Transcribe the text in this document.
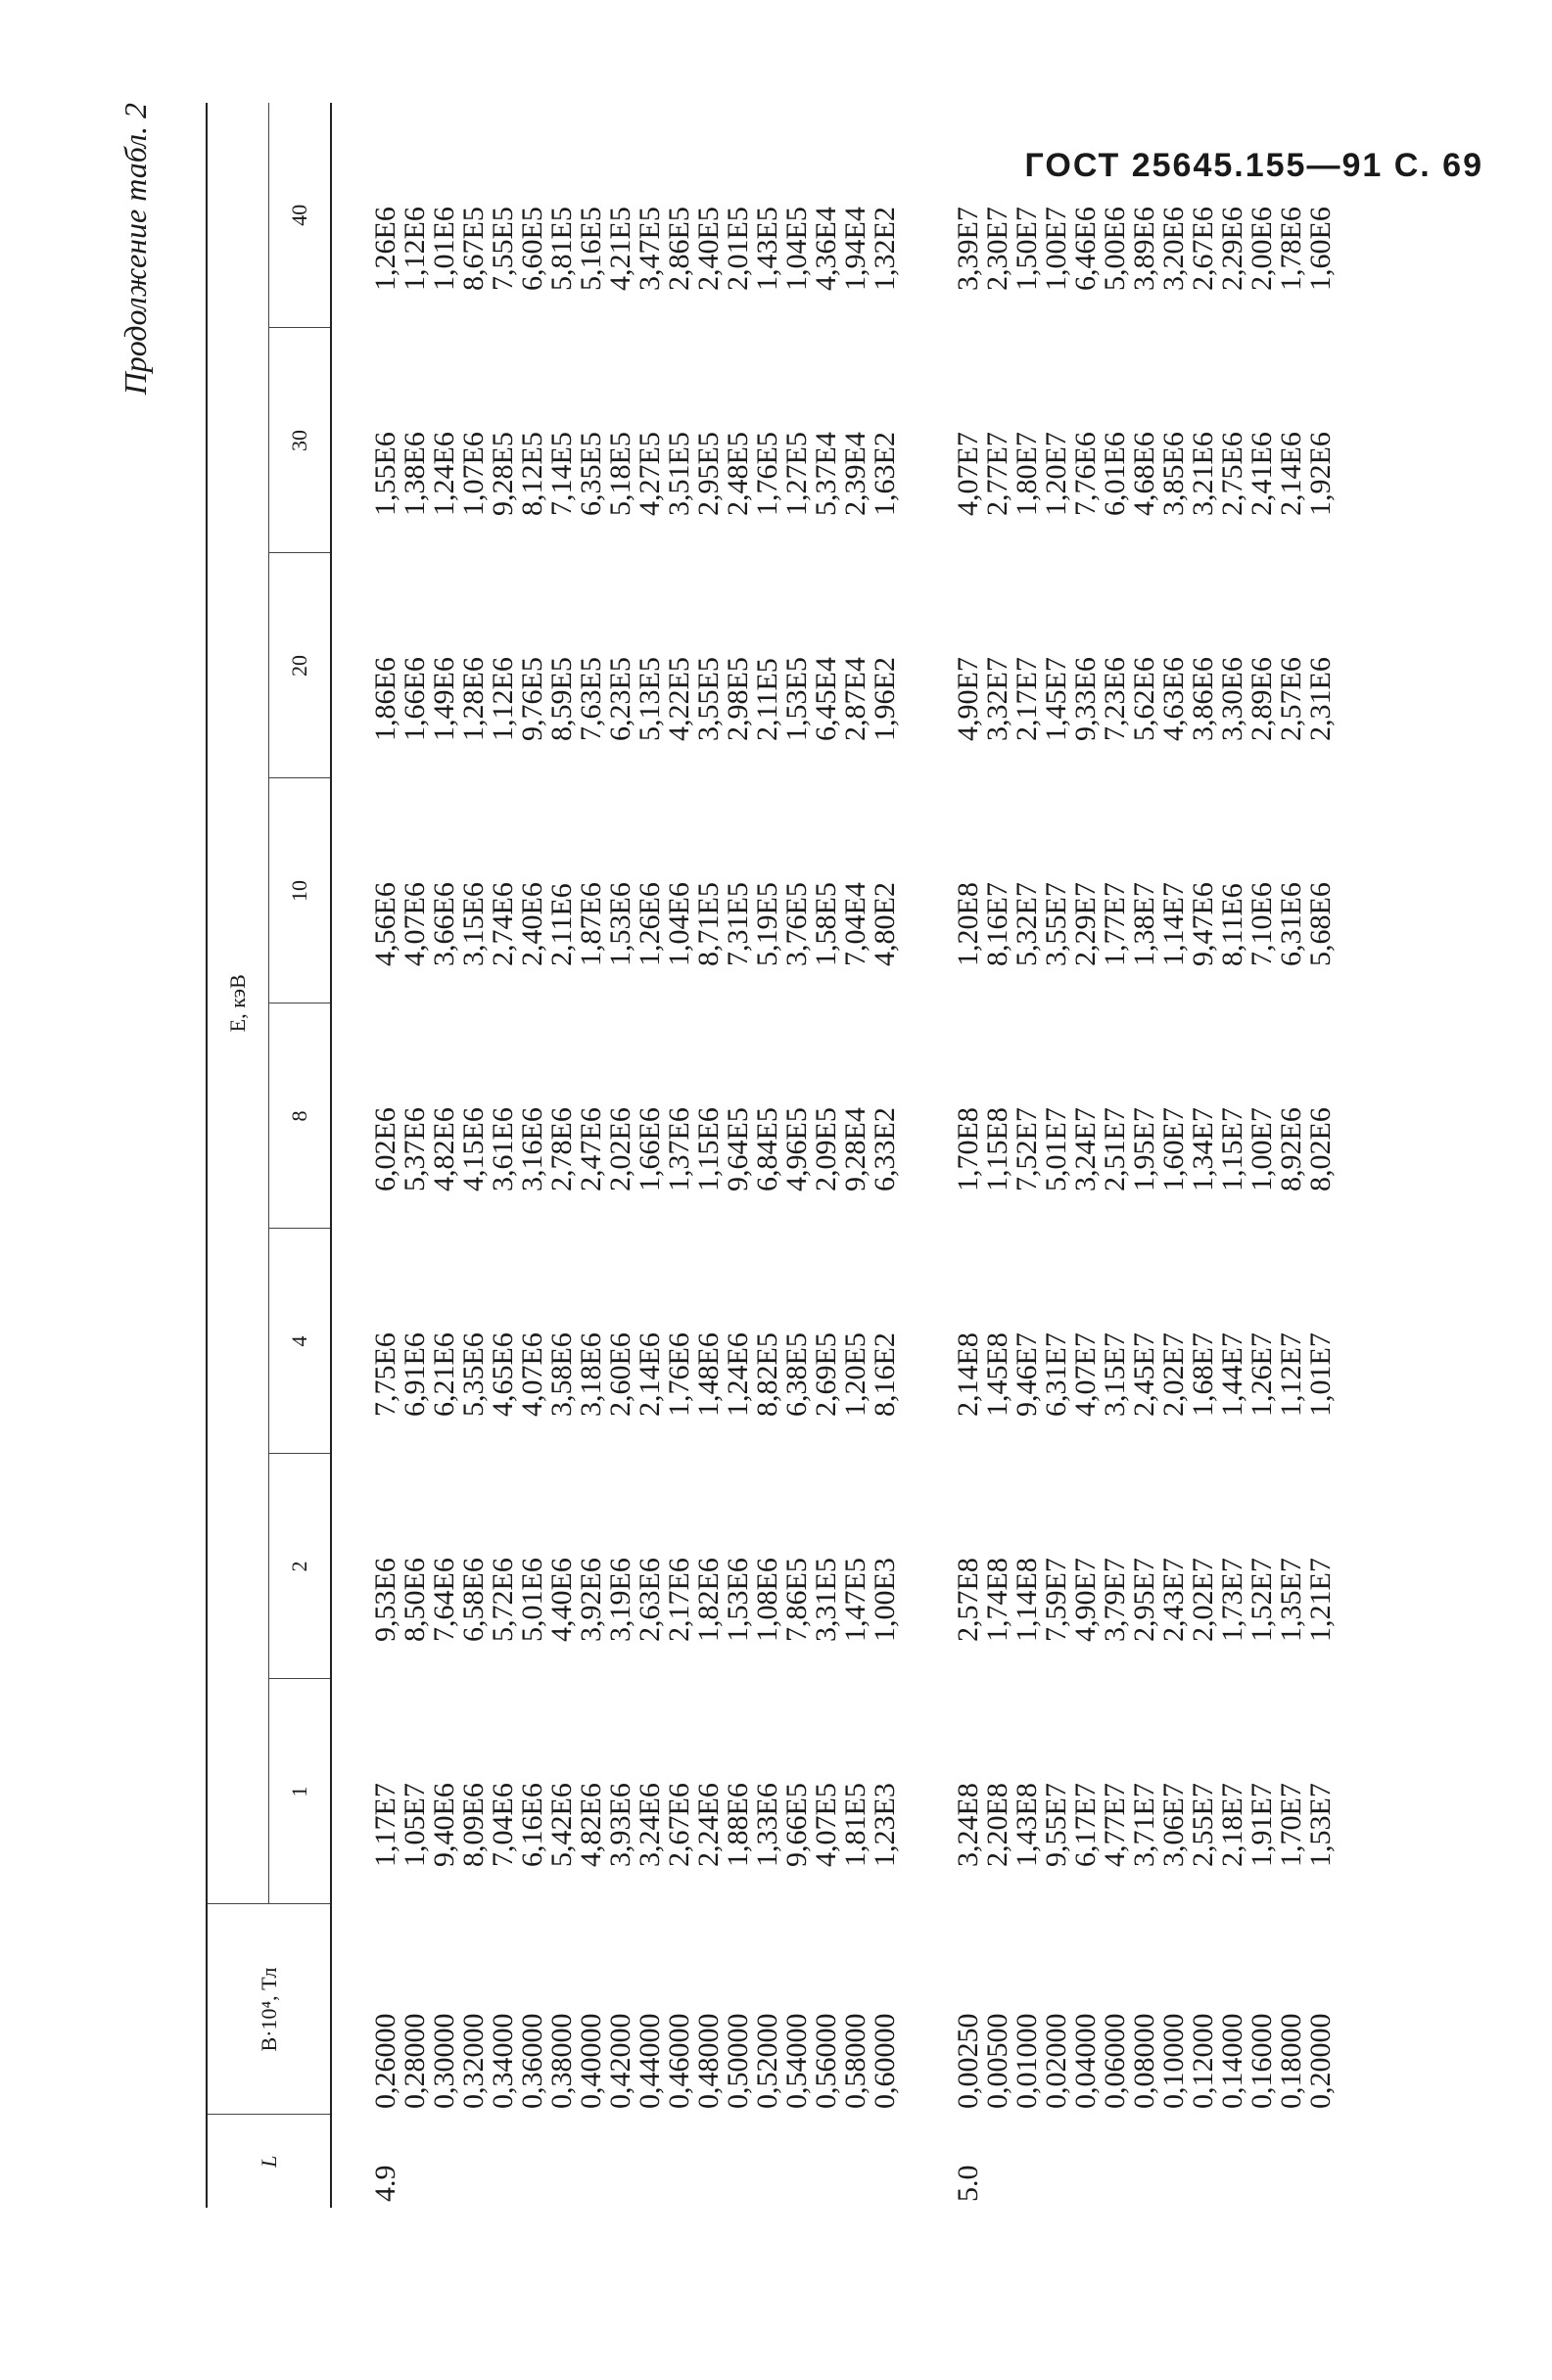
ГОСТ 25645.155—91 С. 69
Продолжение табл. 2
L	B·10⁴, Тл	E, кэВ							
		1	2	4	8	10	20	30	40
4.9	0,26000	1,17E7	9,53E6	7,75E6	6,02E6	4,56E6	1,86E6	1,55E6	1,26E6
	0,28000	1,05E7	8,50E6	6,91E6	5,37E6	4,07E6	1,66E6	1,38E6	1,12E6
	0,30000	9,40E6	7,64E6	6,21E6	4,82E6	3,66E6	1,49E6	1,24E6	1,01E6
	0,32000	8,09E6	6,58E6	5,35E6	4,15E6	3,15E6	1,28E6	1,07E6	8,67E5
	0,34000	7,04E6	5,72E6	4,65E6	3,61E6	2,74E6	1,12E6	9,28E5	7,55E5
	0,36000	6,16E6	5,01E6	4,07E6	3,16E6	2,40E6	9,76E5	8,12E5	6,60E5
	0,38000	5,42E6	4,40E6	3,58E6	2,78E6	2,11E6	8,59E5	7,14E5	5,81E5
	0,40000	4,82E6	3,92E6	3,18E6	2,47E6	1,87E6	7,63E5	6,35E5	5,16E5
	0,42000	3,93E6	3,19E6	2,60E6	2,02E6	1,53E6	6,23E5	5,18E5	4,21E5
	0,44000	3,24E6	2,63E6	2,14E6	1,66E6	1,26E6	5,13E5	4,27E5	3,47E5
	0,46000	2,67E6	2,17E6	1,76E6	1,37E6	1,04E6	4,22E5	3,51E5	2,86E5
	0,48000	2,24E6	1,82E6	1,48E6	1,15E6	8,71E5	3,55E5	2,95E5	2,40E5
	0,50000	1,88E6	1,53E6	1,24E6	9,64E5	7,31E5	2,98E5	2,48E5	2,01E5
	0,52000	1,33E6	1,08E6	8,82E5	6,84E5	5,19E5	2,11E5	1,76E5	1,43E5
	0,54000	9,66E5	7,86E5	6,38E5	4,96E5	3,76E5	1,53E5	1,27E5	1,04E5
	0,56000	4,07E5	3,31E5	2,69E5	2,09E5	1,58E5	6,45E4	5,37E4	4,36E4
	0,58000	1,81E5	1,47E5	1,20E5	9,28E4	7,04E4	2,87E4	2,39E4	1,94E4
	0,60000	1,23E3	1,00E3	8,16E2	6,33E2	4,80E2	1,96E2	1,63E2	1,32E2

5.0	0,00250	3,24E8	2,57E8	2,14E8	1,70E8	1,20E8	4,90E7	4,07E7	3,39E7
	0,00500	2,20E8	1,74E8	1,45E8	1,15E8	8,16E7	3,32E7	2,77E7	2,30E7
	0,01000	1,43E8	1,14E8	9,46E7	7,52E7	5,32E7	2,17E7	1,80E7	1,50E7
	0,02000	9,55E7	7,59E7	6,31E7	5,01E7	3,55E7	1,45E7	1,20E7	1,00E7
	0,04000	6,17E7	4,90E7	4,07E7	3,24E7	2,29E7	9,33E6	7,76E6	6,46E6
	0,06000	4,77E7	3,79E7	3,15E7	2,51E7	1,77E7	7,23E6	6,01E6	5,00E6
	0,08000	3,71E7	2,95E7	2,45E7	1,95E7	1,38E7	5,62E6	4,68E6	3,89E6
	0,10000	3,06E7	2,43E7	2,02E7	1,60E7	1,14E7	4,63E6	3,85E6	3,20E6
	0,12000	2,55E7	2,02E7	1,68E7	1,34E7	9,47E6	3,86E6	3,21E6	2,67E6
	0,14000	2,18E7	1,73E7	1,44E7	1,15E7	8,11E6	3,30E6	2,75E6	2,29E6
	0,16000	1,91E7	1,52E7	1,26E7	1,00E7	7,10E6	2,89E6	2,41E6	2,00E6
	0,18000	1,70E7	1,35E7	1,12E7	8,92E6	6,31E6	2,57E6	2,14E6	1,78E6
	0,20000	1,53E7	1,21E7	1,01E7	8,02E6	5,68E6	2,31E6	1,92E6	1,60E6
